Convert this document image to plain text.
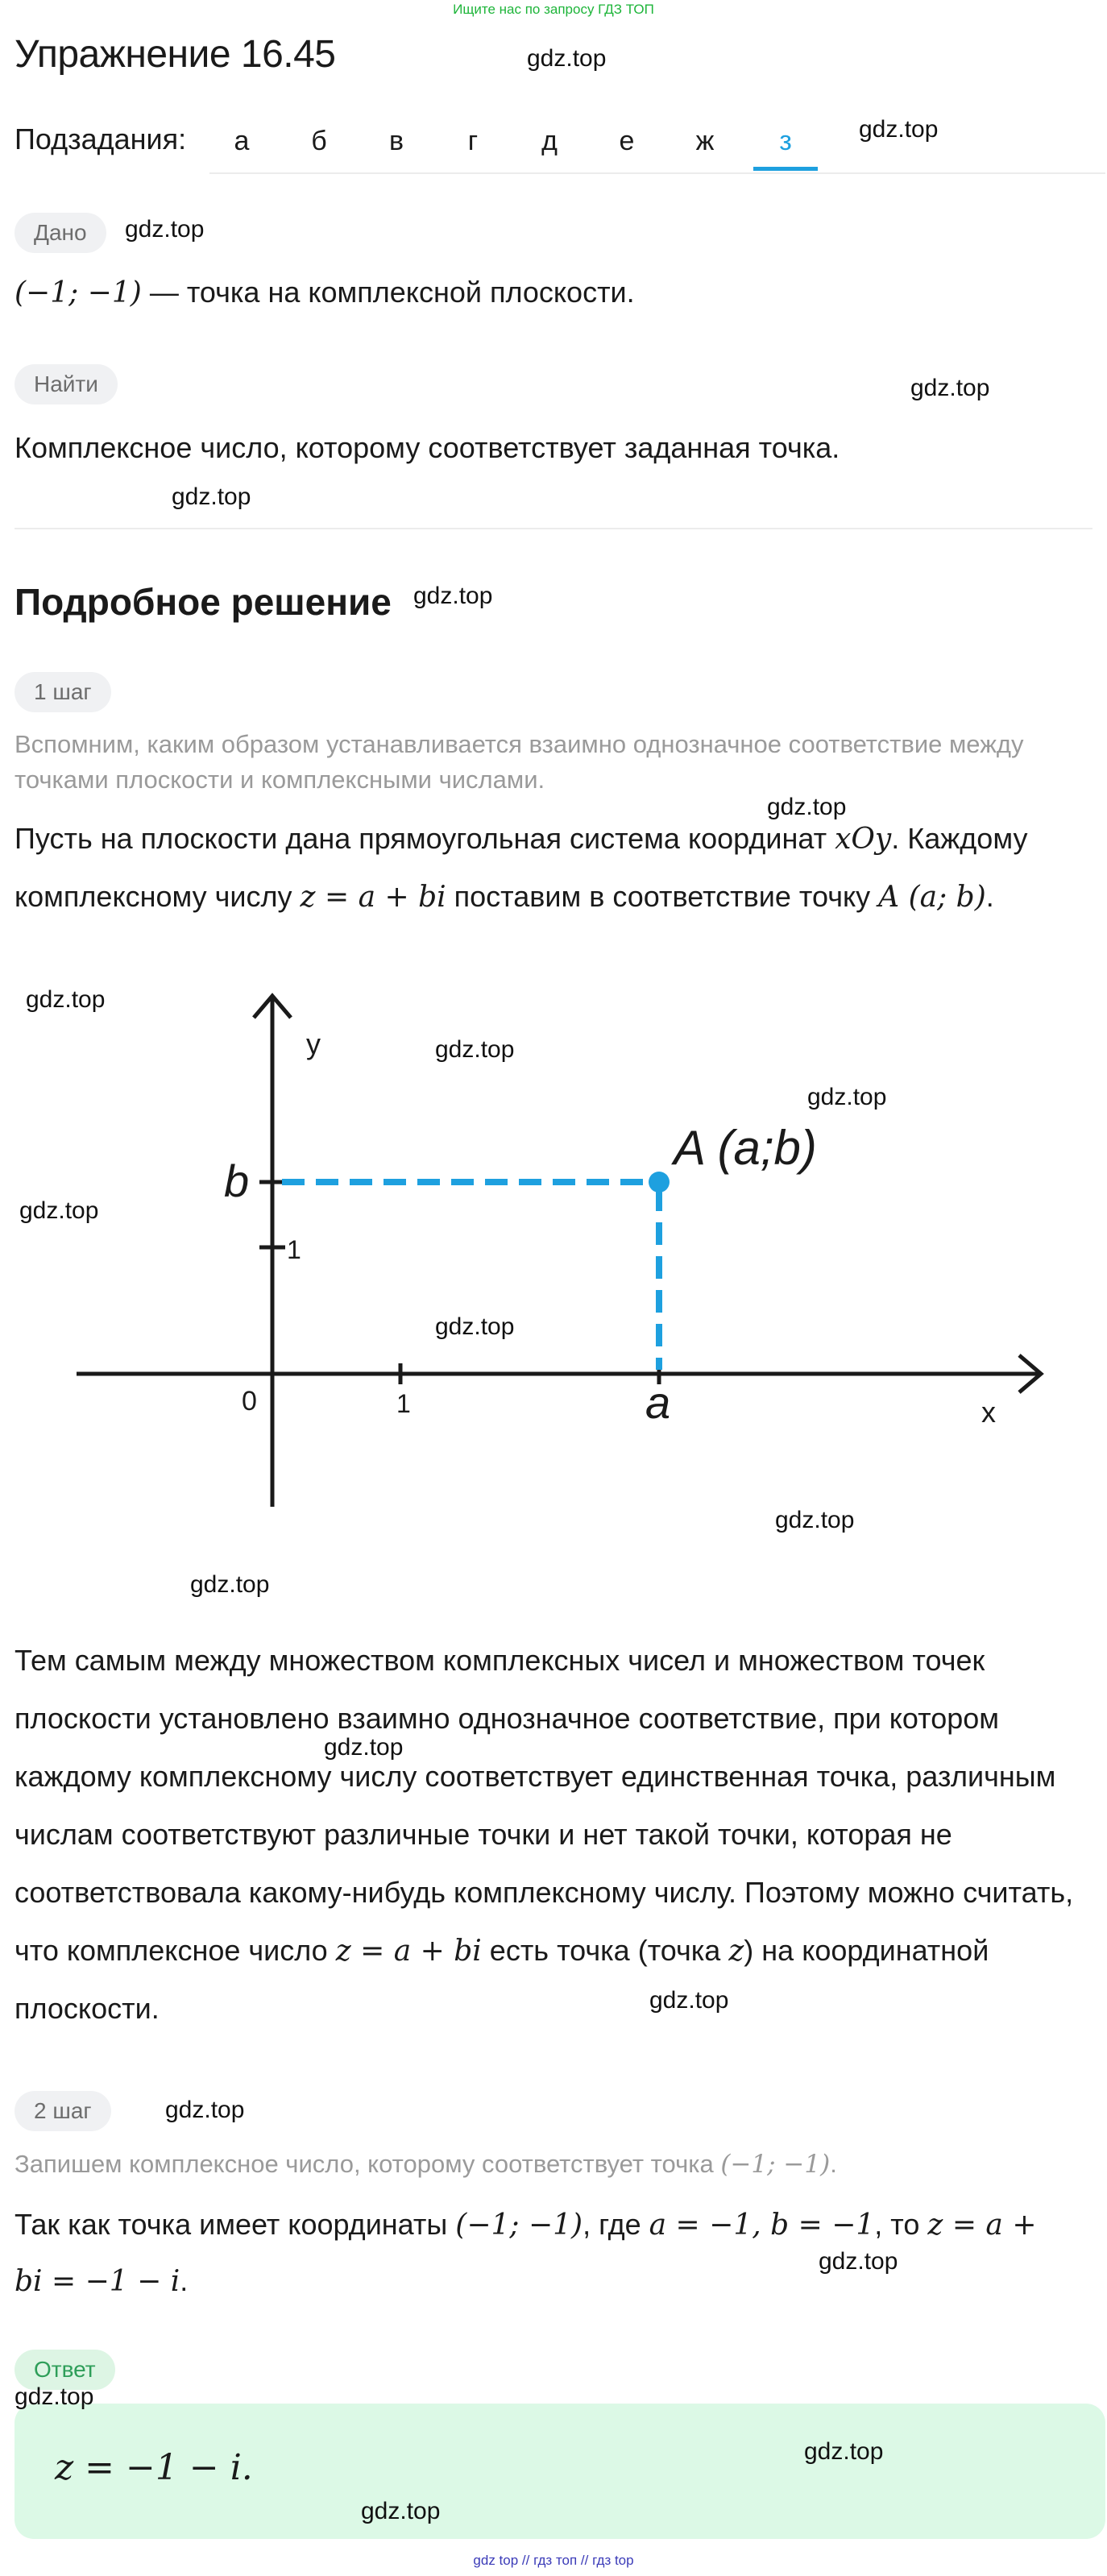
Ищите нас по запросу ГДЗ ТОП
Упражнение 16.45
Подзадания:	а	б	в	г	д	е	ж	з
Дано
(−1; −1) — точка на комплексной плоскости.
Найти
Комплексное число, которому соответствует заданная точка.
Подробное решение
1 шаг
Вспомним, каким образом устанавливается взаимно однозначное соответствие между точками плоскости и комплексными числами.
Пусть на плоскости дана прямоугольная система координат xOy. Каждому
комплексному числу z = a + bi поставим в соответствие точку A (a; b).
y
x
0	1
1
b
a
A (a;b)
Тем самым между множеством комплексных чисел и множеством точек
плоскости установлено взаимно однозначное соответствие, при котором
каждому комплексному числу соответствует единственная точка, различным
числам соответствуют различные точки и нет такой точки, которая не
соответствовала какому-нибудь комплексному числу. Поэтому можно считать,
что комплексное число z = a + bi есть точка (точка z) на координатной
плоскости.
2 шаг
Запишем комплексное число, которому соответствует точка (−1; −1).
Так как точка имеет координаты (−1; −1), где a = −1, b = −1, то z = a +
bi = −1 − i.
Ответ
z = −1 − i.
gdz.top
gdz.top
gdz.top
gdz.top
gdz.top
gdz.top
gdz.top
gdz.top
gdz.top
gdz.top
gdz.top
gdz.top
gdz.top
gdz.top
gdz.top
gdz.top
gdz.top
gdz.top
gdz.top
gdz.top
gdz.top
gdz top // гдз топ // гдз top
